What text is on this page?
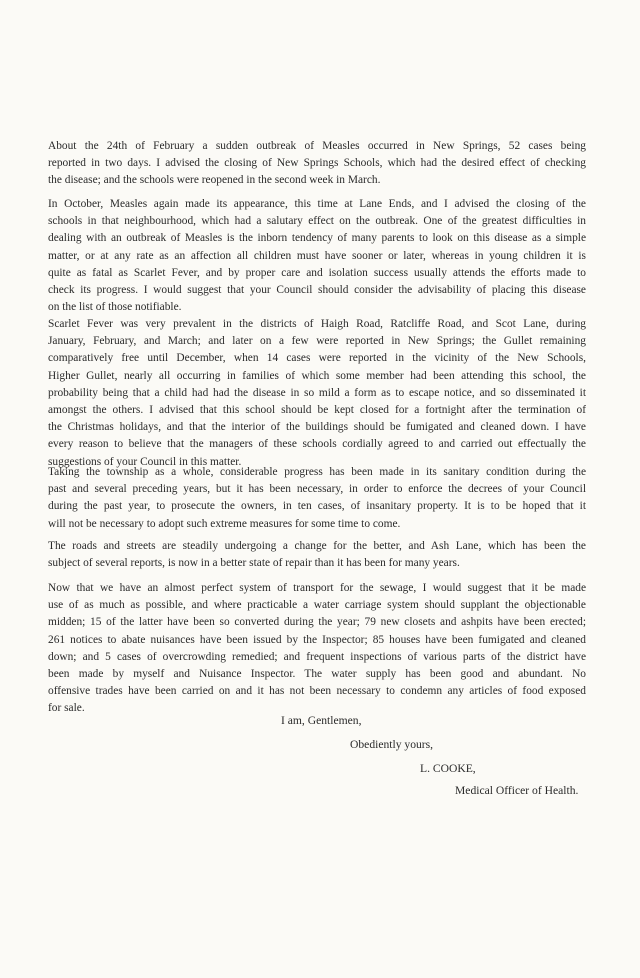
About the 24th of February a sudden outbreak of Measles occurred in New Springs, 52 cases being
reported in two days. I advised the closing of New Springs Schools, which had the desired effect of checking
the disease; and the schools were reopened in the second week in March.

In October, Measles again made its appearance, this time at Lane Ends, and I advised the closing of the
schools in that neighbourhood, which had a salutary effect on the outbreak. One of the greatest difficulties in
dealing with an outbreak of Measles is the inborn tendency of many parents to look on this disease as a simple
matter, or at any rate as an affection all children must have sooner or later, whereas in young children it is
quite as fatal as Scarlet Fever, and by proper care and isolation success usually attends the efforts made to
check its progress. I would suggest that your Council should consider the advisability of placing this disease
on the list of those notifiable.

Scarlet Fever was very prevalent in the districts of Haigh Road, Ratcliffe Road, and Scot Lane, during
January, February, and March; and later on a few were reported in New Springs; the Gullet remaining
comparatively free until December, when 14 cases were reported in the vicinity of the New Schools,
Higher Gullet, nearly all occurring in families of which some member had been attending this school, the
probability being that a child had had the disease in so mild a form as to escape notice, and so disseminated it
amongst the others. I advised that this school should be kept closed for a fortnight after the termination of
the Christmas holidays, and that the interior of the buildings should be fumigated and cleaned down. I have
every reason to believe that the managers of these schools cordially agreed to and carried out effectually the
suggestions of your Council in this matter.

Taking the township as a whole, considerable progress has been made in its sanitary condition during the
past and several preceding years, but it has been necessary, in order to enforce the decrees of your Council
during the past year, to prosecute the owners, in ten cases, of insanitary property. It is to be hoped that it
will not be necessary to adopt such extreme measures for some time to come.

The roads and streets are steadily undergoing a change for the better, and Ash Lane, which has been the
subject of several reports, is now in a better state of repair than it has been for many years.

Now that we have an almost perfect system of transport for the sewage, I would suggest that it be made
use of as much as possible, and where practicable a water carriage system should supplant the objectionable
midden; 15 of the latter have been so converted during the year; 79 new closets and ashpits have been erected;
261 notices to abate nuisances have been issued by the Inspector; 85 houses have been fumigated and cleaned
down; and 5 cases of overcrowding remedied; and frequent inspections of various parts of the district have
been made by myself and Nuisance Inspector. The water supply has been good and abundant. No
offensive trades have been carried on and it has not been necessary to condemn any articles of food exposed
for sale.

I am, Gentlemen,
Obediently yours,
L. COOKE,
Medical Officer of Health.
